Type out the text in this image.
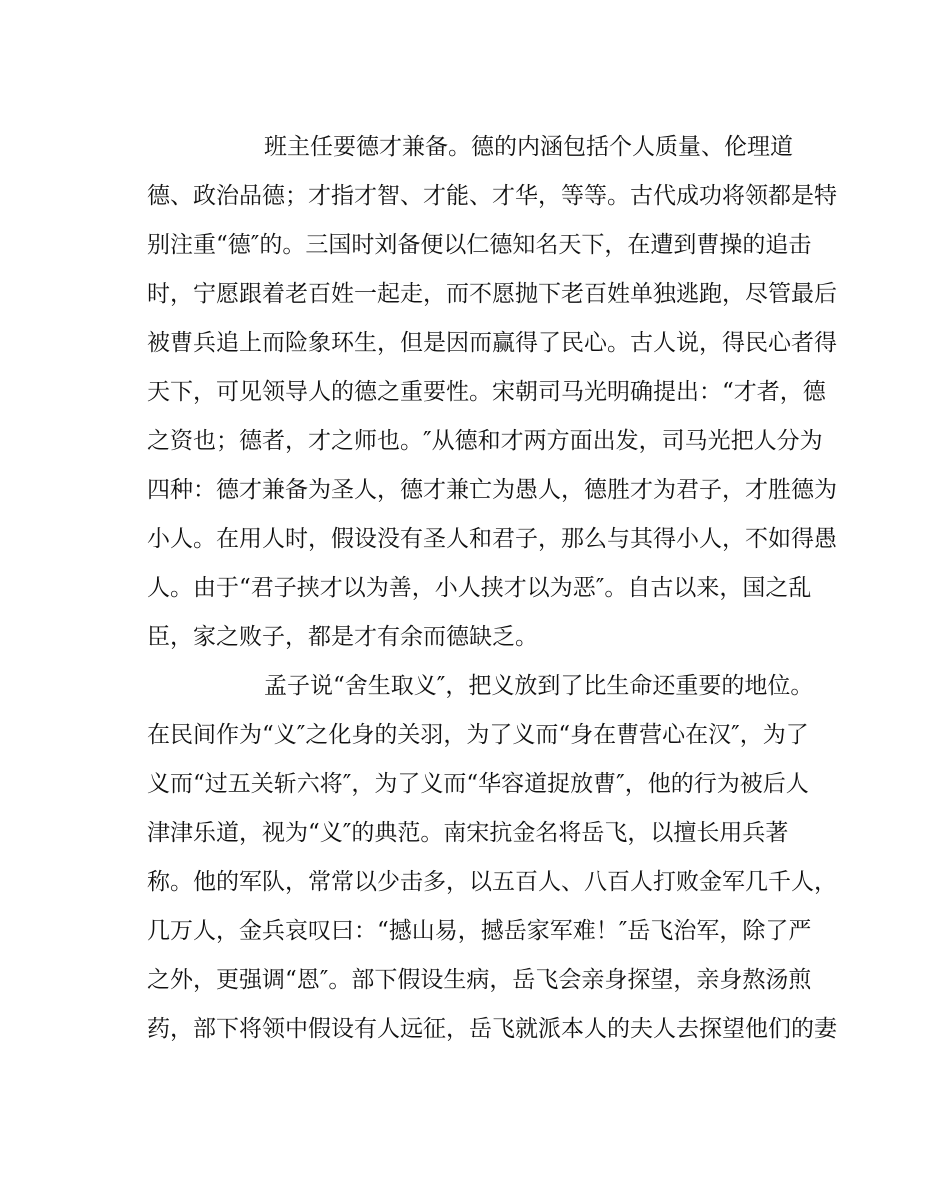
班主任要德才兼备。德的内涵包括个人质量、伦理道
德、政治品德；才指才智、才能、才华，等等。古代成功将领都是特
别注重“德″的。三国时刘备便以仁德知名天下，在遭到曹操的追击
时，宁愿跟着老百姓一起走，而不愿抛下老百姓单独逃跑，尽管最后
被曹兵追上而险象环生，但是因而赢得了民心。古人说，得民心者得
天下，可见领导人的德之重要性。宋朝司马光明确提出：“才者，德
之资也；德者，才之师也。″从德和才两方面出发，司马光把人分为
四种：德才兼备为圣人，德才兼亡为愚人，德胜才为君子，才胜德为
小人。在用人时，假设没有圣人和君子，那么与其得小人，不如得愚
人。由于“君子挟才以为善，小人挟才以为恶″。自古以来，国之乱
臣，家之败子，都是才有余而德缺乏。
孟子说“舍生取义″，把义放到了比生命还重要的地位。
在民间作为“义″之化身的关羽，为了义而“身在曹营心在汉″，为了
义而“过五关斩六将″，为了义而“华容道捉放曹″，他的行为被后人
津津乐道，视为“义″的典范。南宋抗金名将岳飞，以擅长用兵著
称。他的军队，常常以少击多，以五百人、八百人打败金军几千人，
几万人，金兵哀叹曰：“撼山易，撼岳家军难！″岳飞治军，除了严
之外，更强调“恩″。部下假设生病，岳飞会亲身探望，亲身熬汤煎
药，部下将领中假设有人远征，岳飞就派本人的夫人去探望他们的妻
